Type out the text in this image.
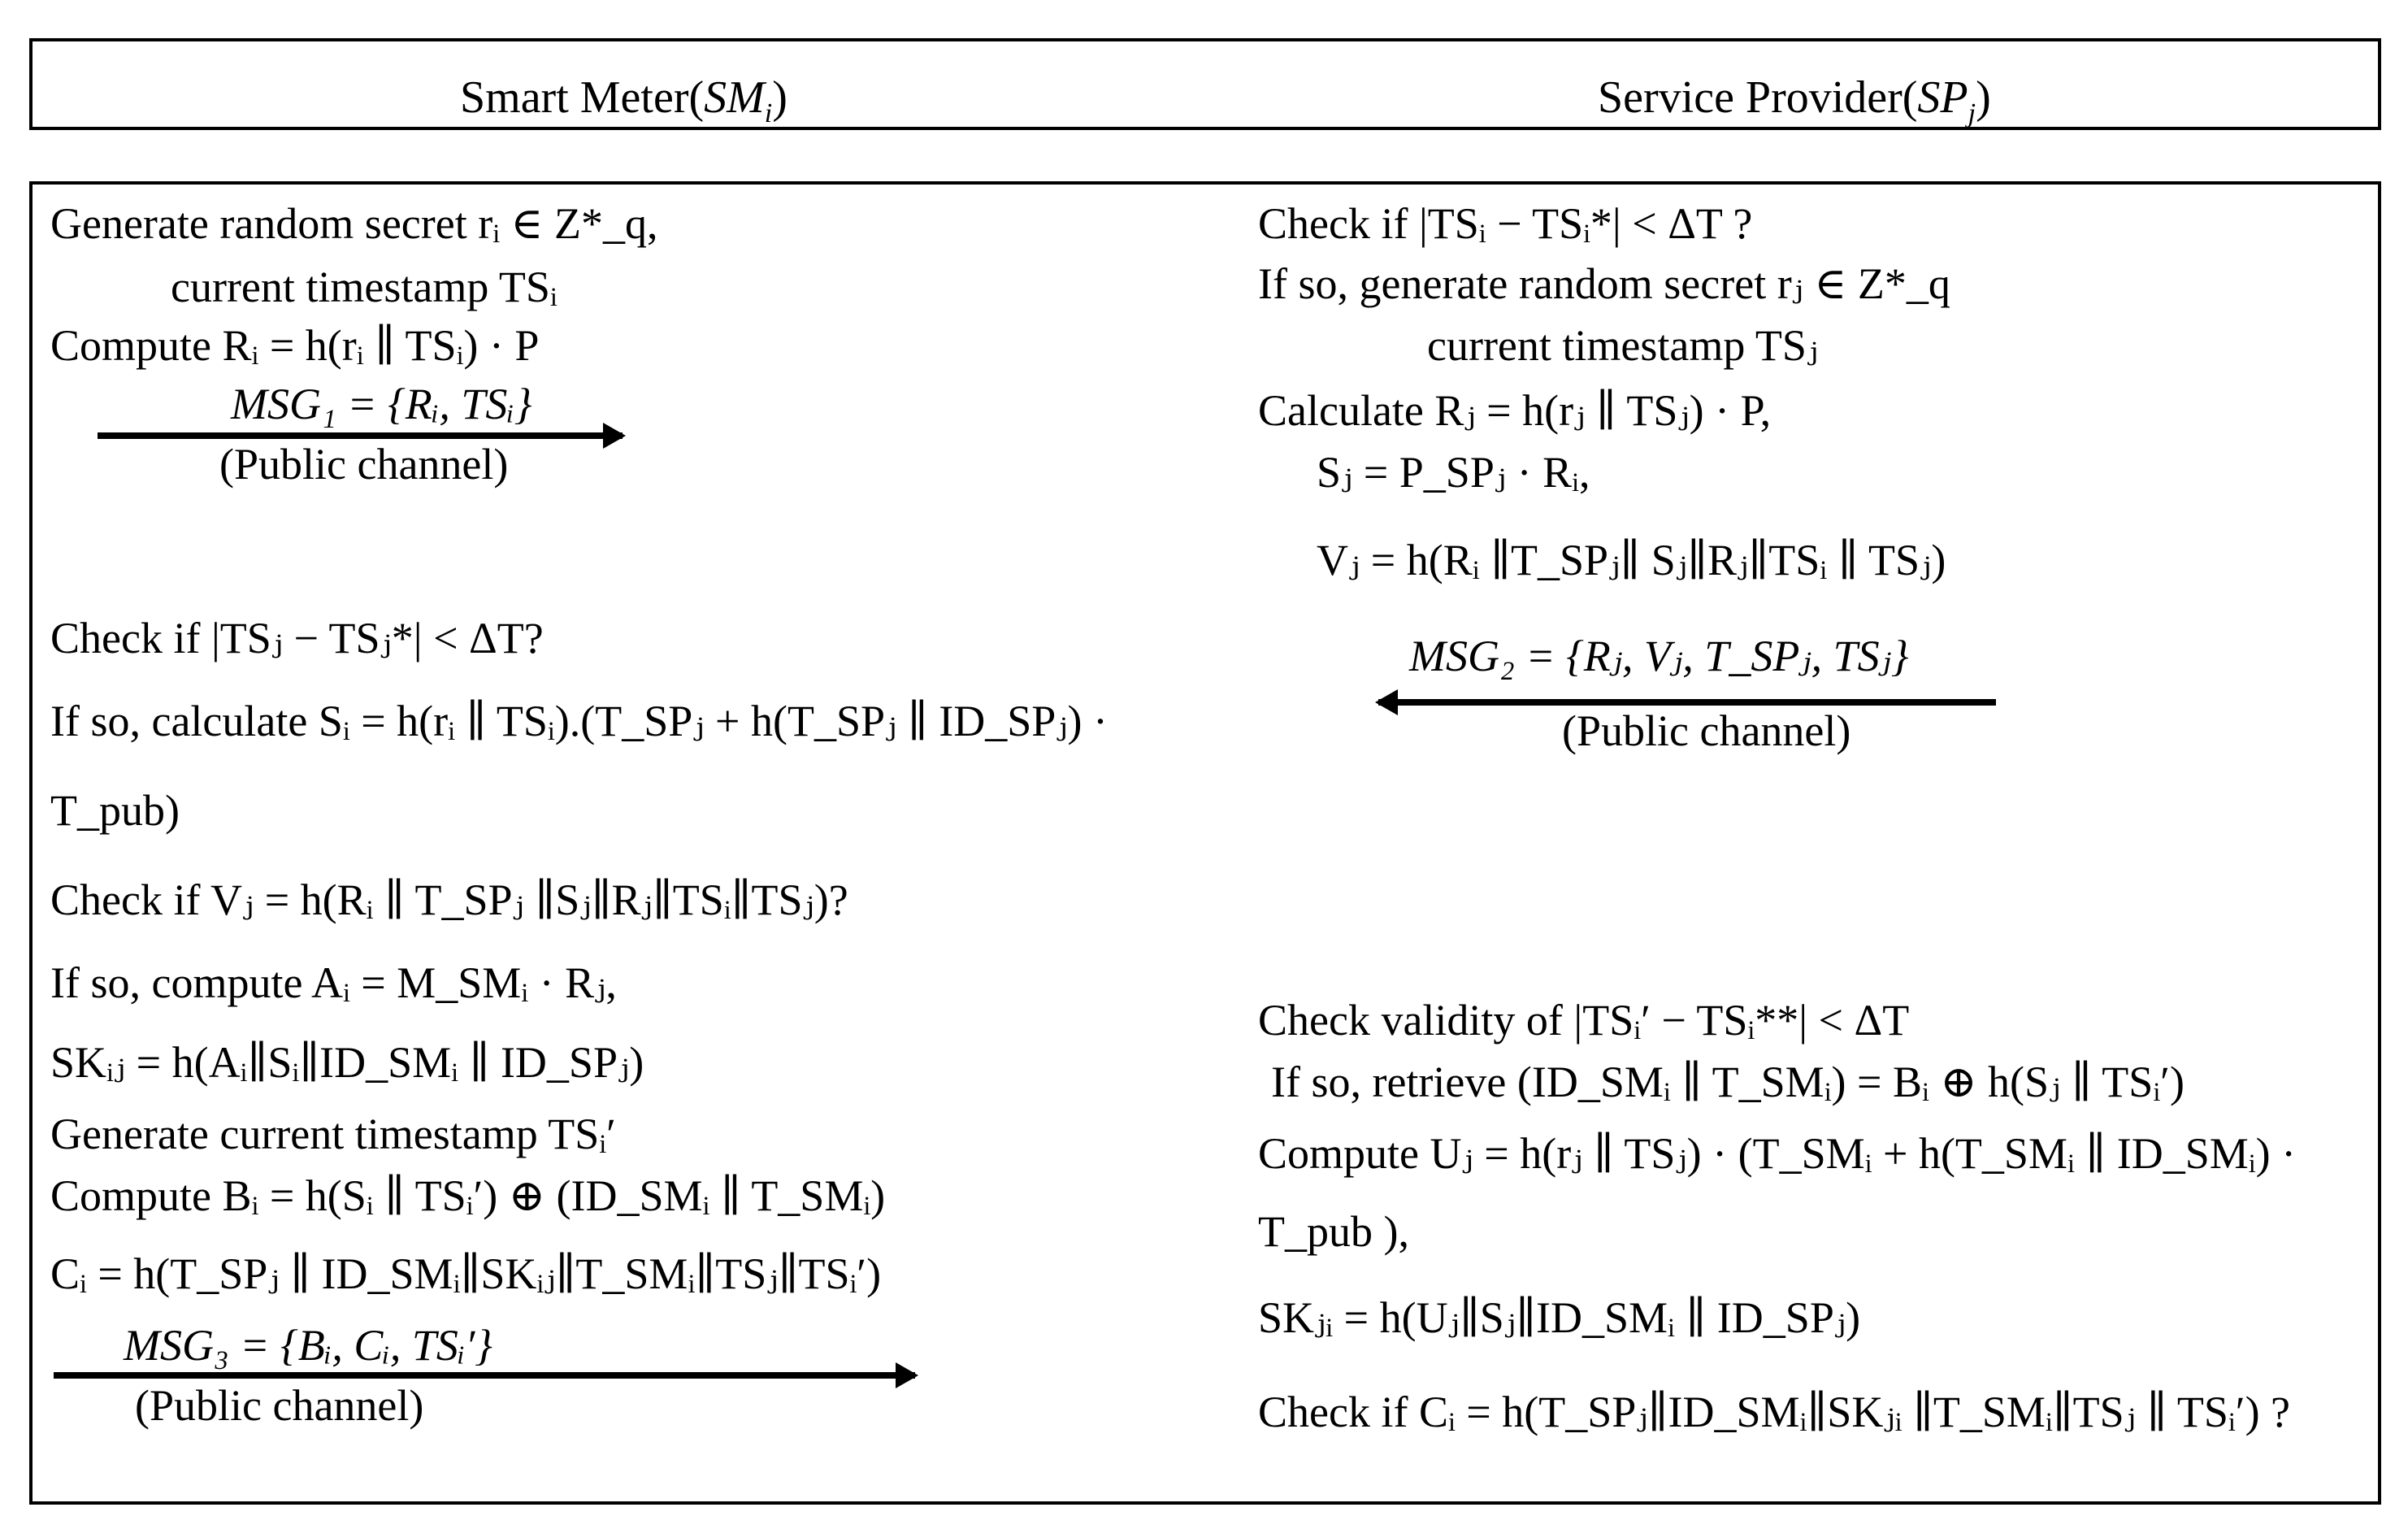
Smart $Meter(SM_i)$	Service $Provider(SP_j)$
Generate random secret rᵢ ∈ Z*_q,
current timestamp TSᵢ
Compute Rᵢ = h(rᵢ ∥ TSᵢ) · P
MSG₁ = {Rᵢ, TSᵢ}
(Public channel)
Check if |TSⱼ − TSⱼ*| < ΔT?
If so, calculate Sᵢ = h(rᵢ ∥ TSᵢ).(T_SPⱼ + h(T_SPⱼ ∥ ID_SPⱼ) ·
T_pub)
Check if Vⱼ = h(Rᵢ ∥ T_SPⱼ ∥Sⱼ∥Rⱼ∥TSᵢ∥TSⱼ)?
If so, compute Aᵢ = M_SMᵢ · Rⱼ,
SKᵢⱼ = h(Aᵢ∥Sᵢ∥ID_SMᵢ ∥ ID_SPⱼ)
Generate current timestamp TSᵢ′
Compute Bᵢ = h(Sᵢ ∥ TSᵢ′) ⊕ (ID_SMᵢ ∥ T_SMᵢ)
Cᵢ = h(T_SPⱼ ∥ ID_SMᵢ∥SKᵢⱼ∥T_SMᵢ∥TSⱼ∥TSᵢ′)
MSG₃ = {Bᵢ, Cᵢ, TSᵢ′}
(Public channel)
Check if |TSᵢ − TSᵢ*| < ΔT ?
If so, generate random secret rⱼ ∈ Z*_q
current timestamp TSⱼ
Calculate Rⱼ = h(rⱼ ∥ TSⱼ) · P,
Sⱼ = P_SPⱼ · Rᵢ,
Vⱼ = h(Rᵢ ∥T_SPⱼ∥ Sⱼ∥Rⱼ∥TSᵢ ∥ TSⱼ)
MSG₂ = {Rⱼ, Vⱼ, T_SPⱼ, TSⱼ}
(Public channel)
Check validity of |TSᵢ′ − TSᵢ**| < ΔT
If so, retrieve (ID_SMᵢ ∥ T_SMᵢ) = Bᵢ ⊕ h(Sⱼ ∥ TSᵢ′)
Compute Uⱼ = h(rⱼ ∥ TSⱼ) · (T_SMᵢ + h(T_SMᵢ ∥ ID_SMᵢ) ·
T_pub ),
SKⱼᵢ = h(Uⱼ∥Sⱼ∥ID_SMᵢ ∥ ID_SPⱼ)
Check if Cᵢ = h(T_SPⱼ∥ID_SMᵢ∥SKⱼᵢ ∥T_SMᵢ∥TSⱼ ∥ TSᵢ′) ?
